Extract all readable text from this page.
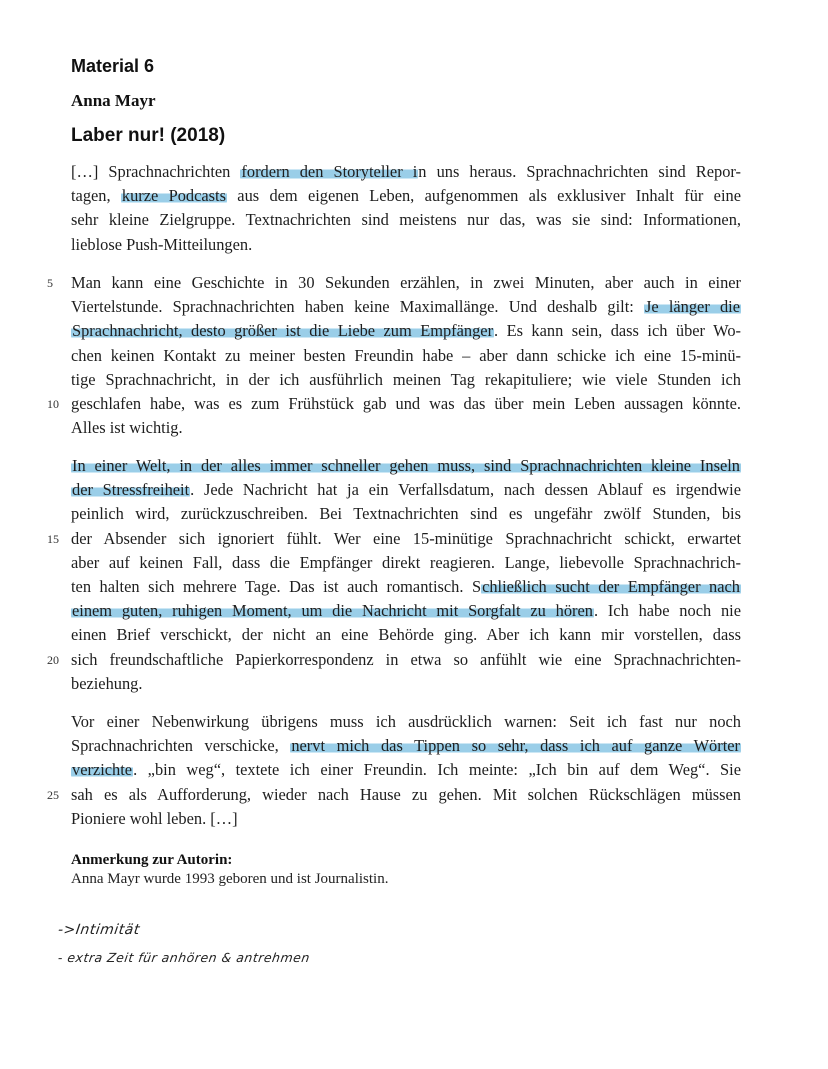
Material 6
Anna Mayr
Laber nur! (2018)
[…] Sprachnachrichten fordern den Storyteller in uns heraus. Sprachnachrichten sind Repor-
tagen, kurze Podcasts aus dem eigenen Leben, aufgenommen als exklusiver Inhalt für eine
sehr kleine Zielgruppe. Textnachrichten sind meistens nur das, was sie sind: Informationen,
lieblose Push-Mitteilungen.
Man kann eine Geschichte in 30 Sekunden erzählen, in zwei Minuten, aber auch in einer
Viertelstunde. Sprachnachrichten haben keine Maximallänge. Und deshalb gilt: Je länger die
Sprachnachricht, desto größer ist die Liebe zum Empfänger. Es kann sein, dass ich über Wo-
chen keinen Kontakt zu meiner besten Freundin habe – aber dann schicke ich eine 15-minü-
tige Sprachnachricht, in der ich ausführlich meinen Tag rekapituliere; wie viele Stunden ich
geschlafen habe, was es zum Frühstück gab und was das über mein Leben aussagen könnte.
Alles ist wichtig.
In einer Welt, in der alles immer schneller gehen muss, sind Sprachnachrichten kleine Inseln
der Stressfreiheit. Jede Nachricht hat ja ein Verfallsdatum, nach dessen Ablauf es irgendwie
peinlich wird, zurückzuschreiben. Bei Textnachrichten sind es ungefähr zwölf Stunden, bis
der Absender sich ignoriert fühlt. Wer eine 15-minütige Sprachnachricht schickt, erwartet
aber auf keinen Fall, dass die Empfänger direkt reagieren. Lange, liebevolle Sprachnachrich-
ten halten sich mehrere Tage. Das ist auch romantisch. Schließlich sucht der Empfänger nach
einem guten, ruhigen Moment, um die Nachricht mit Sorgfalt zu hören. Ich habe noch nie
einen Brief verschickt, der nicht an eine Behörde ging. Aber ich kann mir vorstellen, dass
sich freundschaftliche Papierkorrespondenz in etwa so anfühlt wie eine Sprachnachrichten-
beziehung.
Vor einer Nebenwirkung übrigens muss ich ausdrücklich warnen: Seit ich fast nur noch
Sprachnachrichten verschicke, nervt mich das Tippen so sehr, dass ich auf ganze Wörter
verzichte. „bin weg“, textete ich einer Freundin. Ich meinte: „Ich bin auf dem Weg“. Sie
sah es als Aufforderung, wieder nach Hause zu gehen. Mit solchen Rückschlägen müssen
Pioniere wohl leben. […]
5
10
15
20
25
Anmerkung zur Autorin:
Anna Mayr wurde 1993 geboren und ist Journalistin.
->Intimität
- extra Zeit für anhören & antrehmen
